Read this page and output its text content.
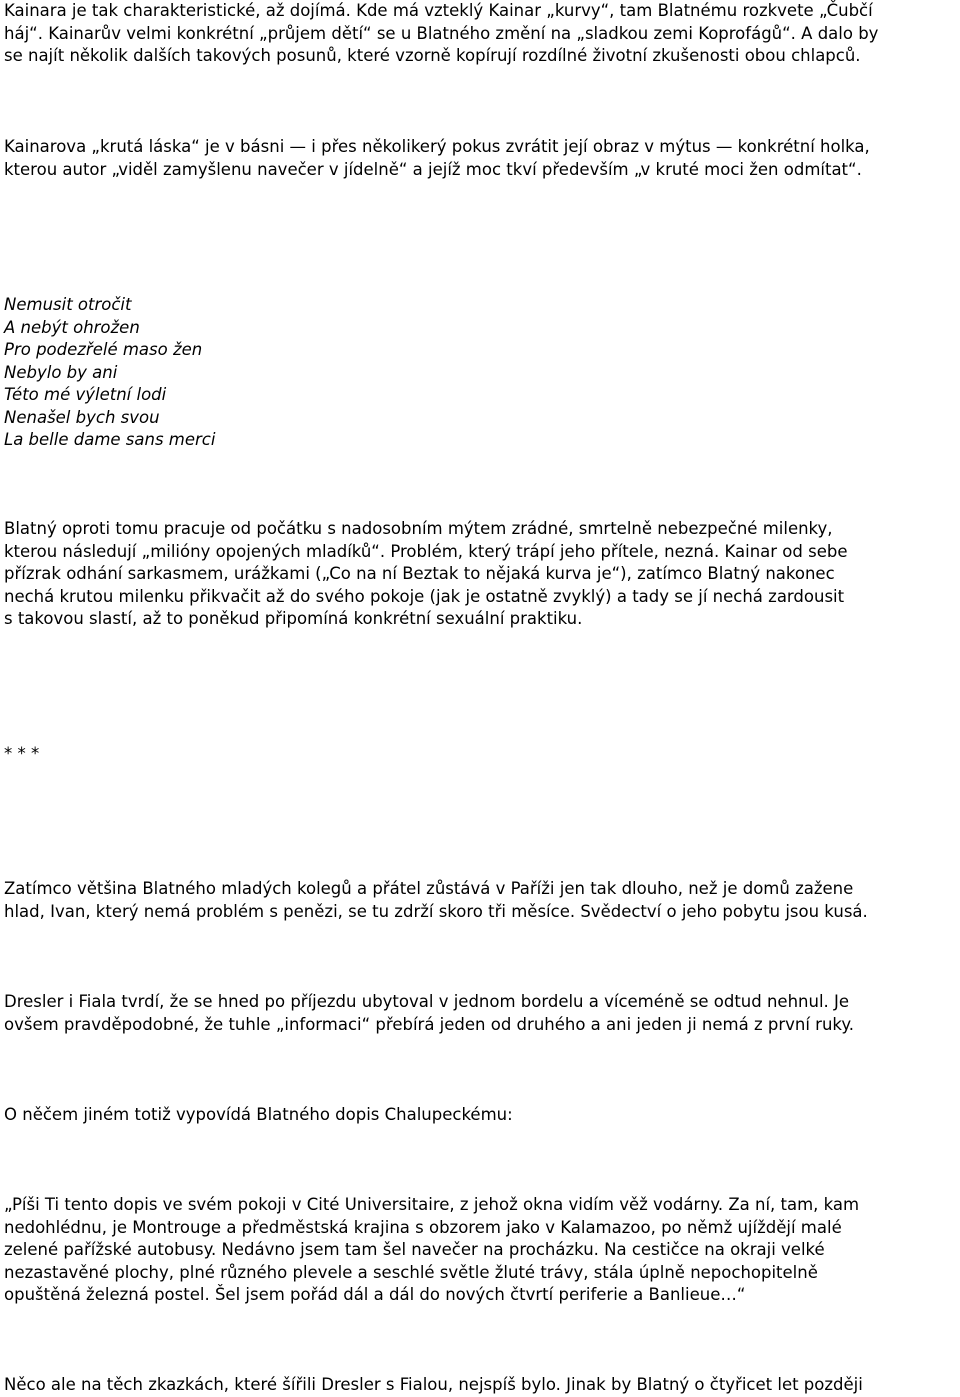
Kainara je tak charakteristické, až dojímá. Kde má vzteklý Kainar „kurvy“, tam Blatnému rozkvete „Čubčí

háj“. Kainarův velmi konkrétní „průjem dětí“ se u Blatného změní na „sladkou zemi Koprofágů“. A dalo by

se najít několik dalších takových posunů, které vzorně kopírují rozdílné životní zkušenosti obou chlapců.

Kainarova „krutá láska“ je v básni — i přes několikerý pokus zvrátit její obraz v mýtus — konkrétní holka,

kterou autor „viděl zamyšlenu navečer v jídelně“ a jejíž moc tkví především „v kruté moci žen odmítat“.

Nemusit otročit
A nebýt ohrožen
Pro podezřelé maso žen
Nebylo by ani
Této mé výletní lodi
Nenašel bych svou
La belle dame sans merci

Blatný oproti tomu pracuje od počátku s nadosobním mýtem zrádné, smrtelně nebezpečné milenky,

kterou následují „milióny opojených mladíků“. Problém, který trápí jeho přítele, nezná. Kainar od sebe

přízrak odhání sarkasmem, urážkami („Co na ní Beztak to nějaká kurva je“), zatímco Blatný nakonec

nechá krutou milenku přikvačit až do svého pokoje (jak je ostatně zvyklý) a tady se jí nechá zardousit

s takovou slastí, až to poněkud připomíná konkrétní sexuální praktiku.

* * *

Zatímco většina Blatného mladých kolegů a přátel zůstává v Paříži jen tak dlouho, než je domů zažene

hlad, Ivan, který nemá problém s penězi, se tu zdrží skoro tři měsíce. Svědectví o jeho pobytu jsou kusá.

Dresler i Fiala tvrdí, že se hned po příjezdu ubytoval v jednom bordelu a víceméně se odtud nehnul. Je

ovšem pravděpodobné, že tuhle „informaci“ přebírá jeden od druhého a ani jeden ji nemá z první ruky.

O něčem jiném totiž vypovídá Blatného dopis Chalupeckému:

„Píši Ti tento dopis ve svém pokoji v Cité Universitaire, z jehož okna vidím věž vodárny. Za ní, tam, kam

nedohlédnu, je Montrouge a předměstská krajina s obzorem jako v Kalamazoo, po němž ujíždějí malé

zelené pařížské autobusy. Nedávno jsem tam šel navečer na procházku. Na cestičce na okraji velké

nezastavěné plochy, plné různého plevele a seschlé světle žluté trávy, stála úplně nepochopitelně

opuštěná železná postel. Šel jsem pořád dál a dál do nových čtvrtí periferie a Banlieue…“

Něco ale na těch zkazkách, které šířili Dresler s Fialou, nejspíš bylo. Jinak by Blatný o čtyřicet let později
